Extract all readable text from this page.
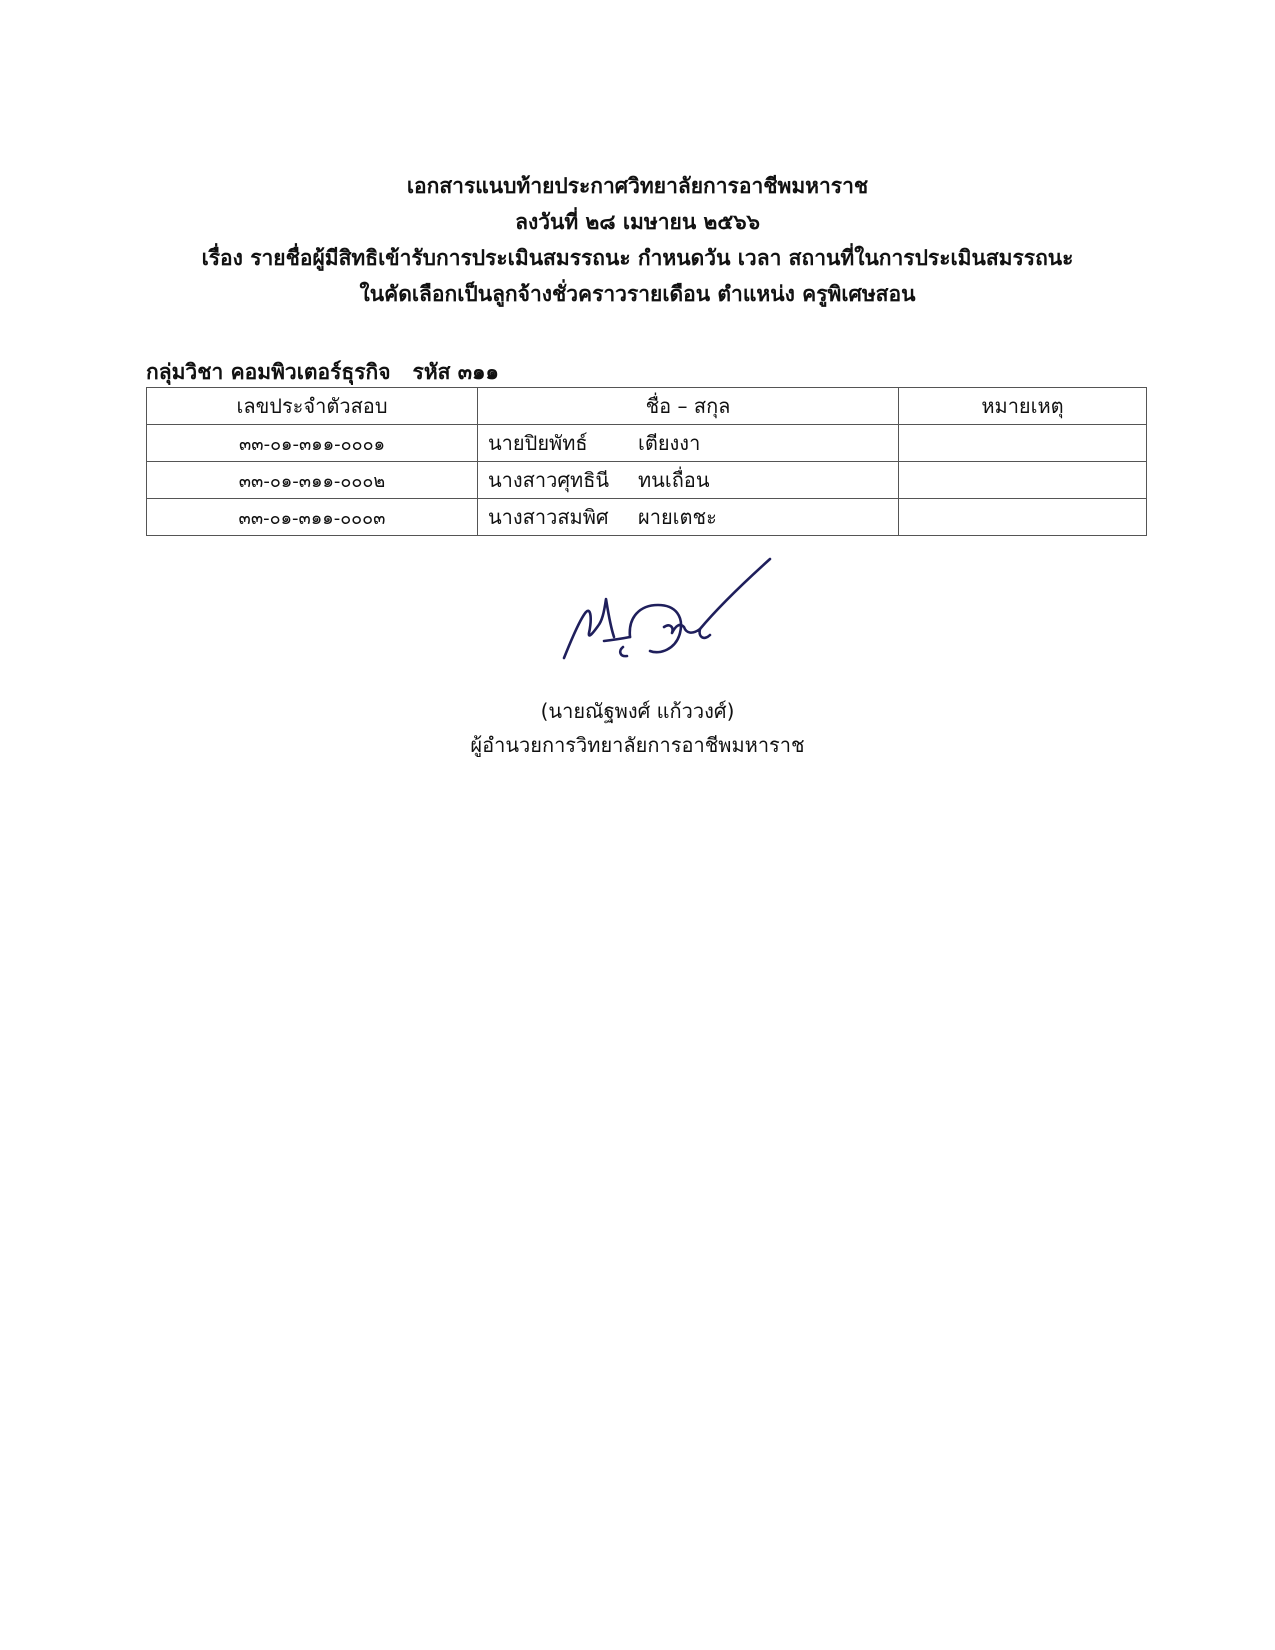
เอกสารแนบท้ายประกาศวิทยาลัยการอาชีพมหาราช
ลงวันที่ ๒๘ เมษายน ๒๕๖๖
เรื่อง รายชื่อผู้มีสิทธิเข้ารับการประเมินสมรรถนะ กำหนดวัน เวลา สถานที่ในการประเมินสมรรถนะ
ในคัดเลือกเป็นลูกจ้างชั่วคราวรายเดือน ตำแหน่ง ครูพิเศษสอน
กลุ่มวิชา คอมพิวเตอร์ธุรกิจ รหัส ๓๑๑
เลขประจำตัวสอบ	ชื่อ – สกุล	หมายเหตุ
๓๓-๐๑-๓๑๑-๐๐๐๑	นายปิยพัทธ์ เตียงงา	
๓๓-๐๑-๓๑๑-๐๐๐๒	นางสาวศุทธินี ทนเถื่อน	
๓๓-๐๑-๓๑๑-๐๐๐๓	นางสาวสมพิศ ผายเตชะ	
(นายณัฐพงศ์ แก้ววงศ์)
ผู้อำนวยการวิทยาลัยการอาชีพมหาราช
